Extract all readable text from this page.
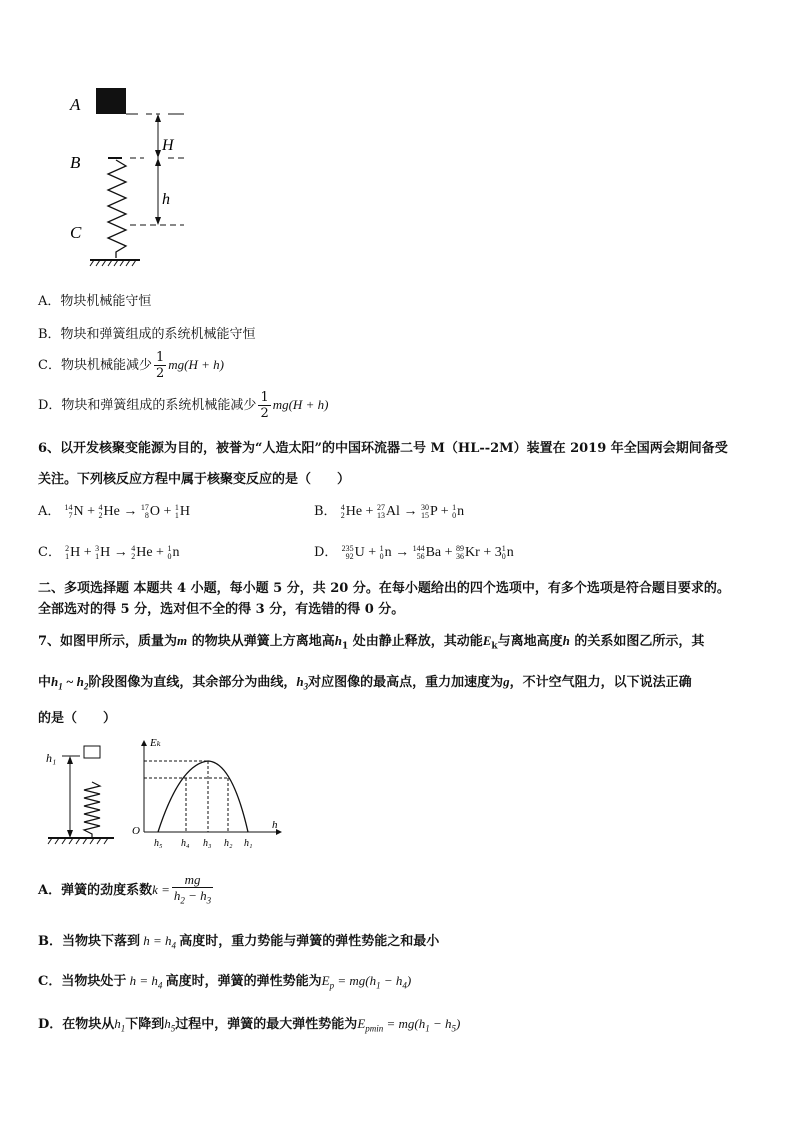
A
B
C
H
h
A．物块机械能守恒
B．物块和弹簧组成的系统机械能守恒
C．物块机械能减少 $\frac{1}{2} mg(H + h)$
D．物块和弹簧组成的系统机械能减少 $\frac{1}{2} mg(H + h)$
6、以开发核聚变能源为目的，被誉为“人造太阳”的中国环流器二号 M（HL--2M）装置在 2019 年全国两会期间备受
关注。下列核反应方程中属于核聚变反应的是（　　）
A． 14
7 N + 4
2 He → 17
8 O + 1
1 H	B． 4
2 He + 27
13 Al → 30
15 P + 1
0 n
C． 2
1 H + 3
1 H → 4
2 He + 1
0 n	D． 235
92 U + 1
0 n → 144
56 Ba + 89
36 Kr + 3 1
0 n
二、多项选择题 本题共 4 小题，每小题 5 分，共 20 分。在每小题给出的四个选项中，有多个选项是符合题目要求的。
全部选对的得 5 分，选对但不全的得 3 分，有选错的得 0 分。
7、如图甲所示，质量为m 的物块从弹簧上方离地高$h_1$ 处由静止释放，其动能$E_k$与离地高度h 的关系如图乙所示，其
中$h_1$ ~ $h_2$阶段图像为直线，其余部分为曲线，$h_3$对应图像的最高点，重力加速度为g，不计空气阻力，以下说法正确
的是（　　）
h₁
Eₖ
h
O
h₅ h₄ h₃ h₂ h₁
A．弹簧的劲度系数$k = \frac{mg}{h_2 - h_3}$
B．当物块下落到 $h = h_4$ 高度时，重力势能与弹簧的弹性势能之和最小
C．当物块处于 $h = h_4$ 高度时，弹簧的弹性势能为$E_p = mg(h_1 - h_4)$
D．在物块从$h_1$下降到$h_5$过程中，弹簧的最大弹性势能为$E_{pmin} = mg(h_1 - h_5)$
